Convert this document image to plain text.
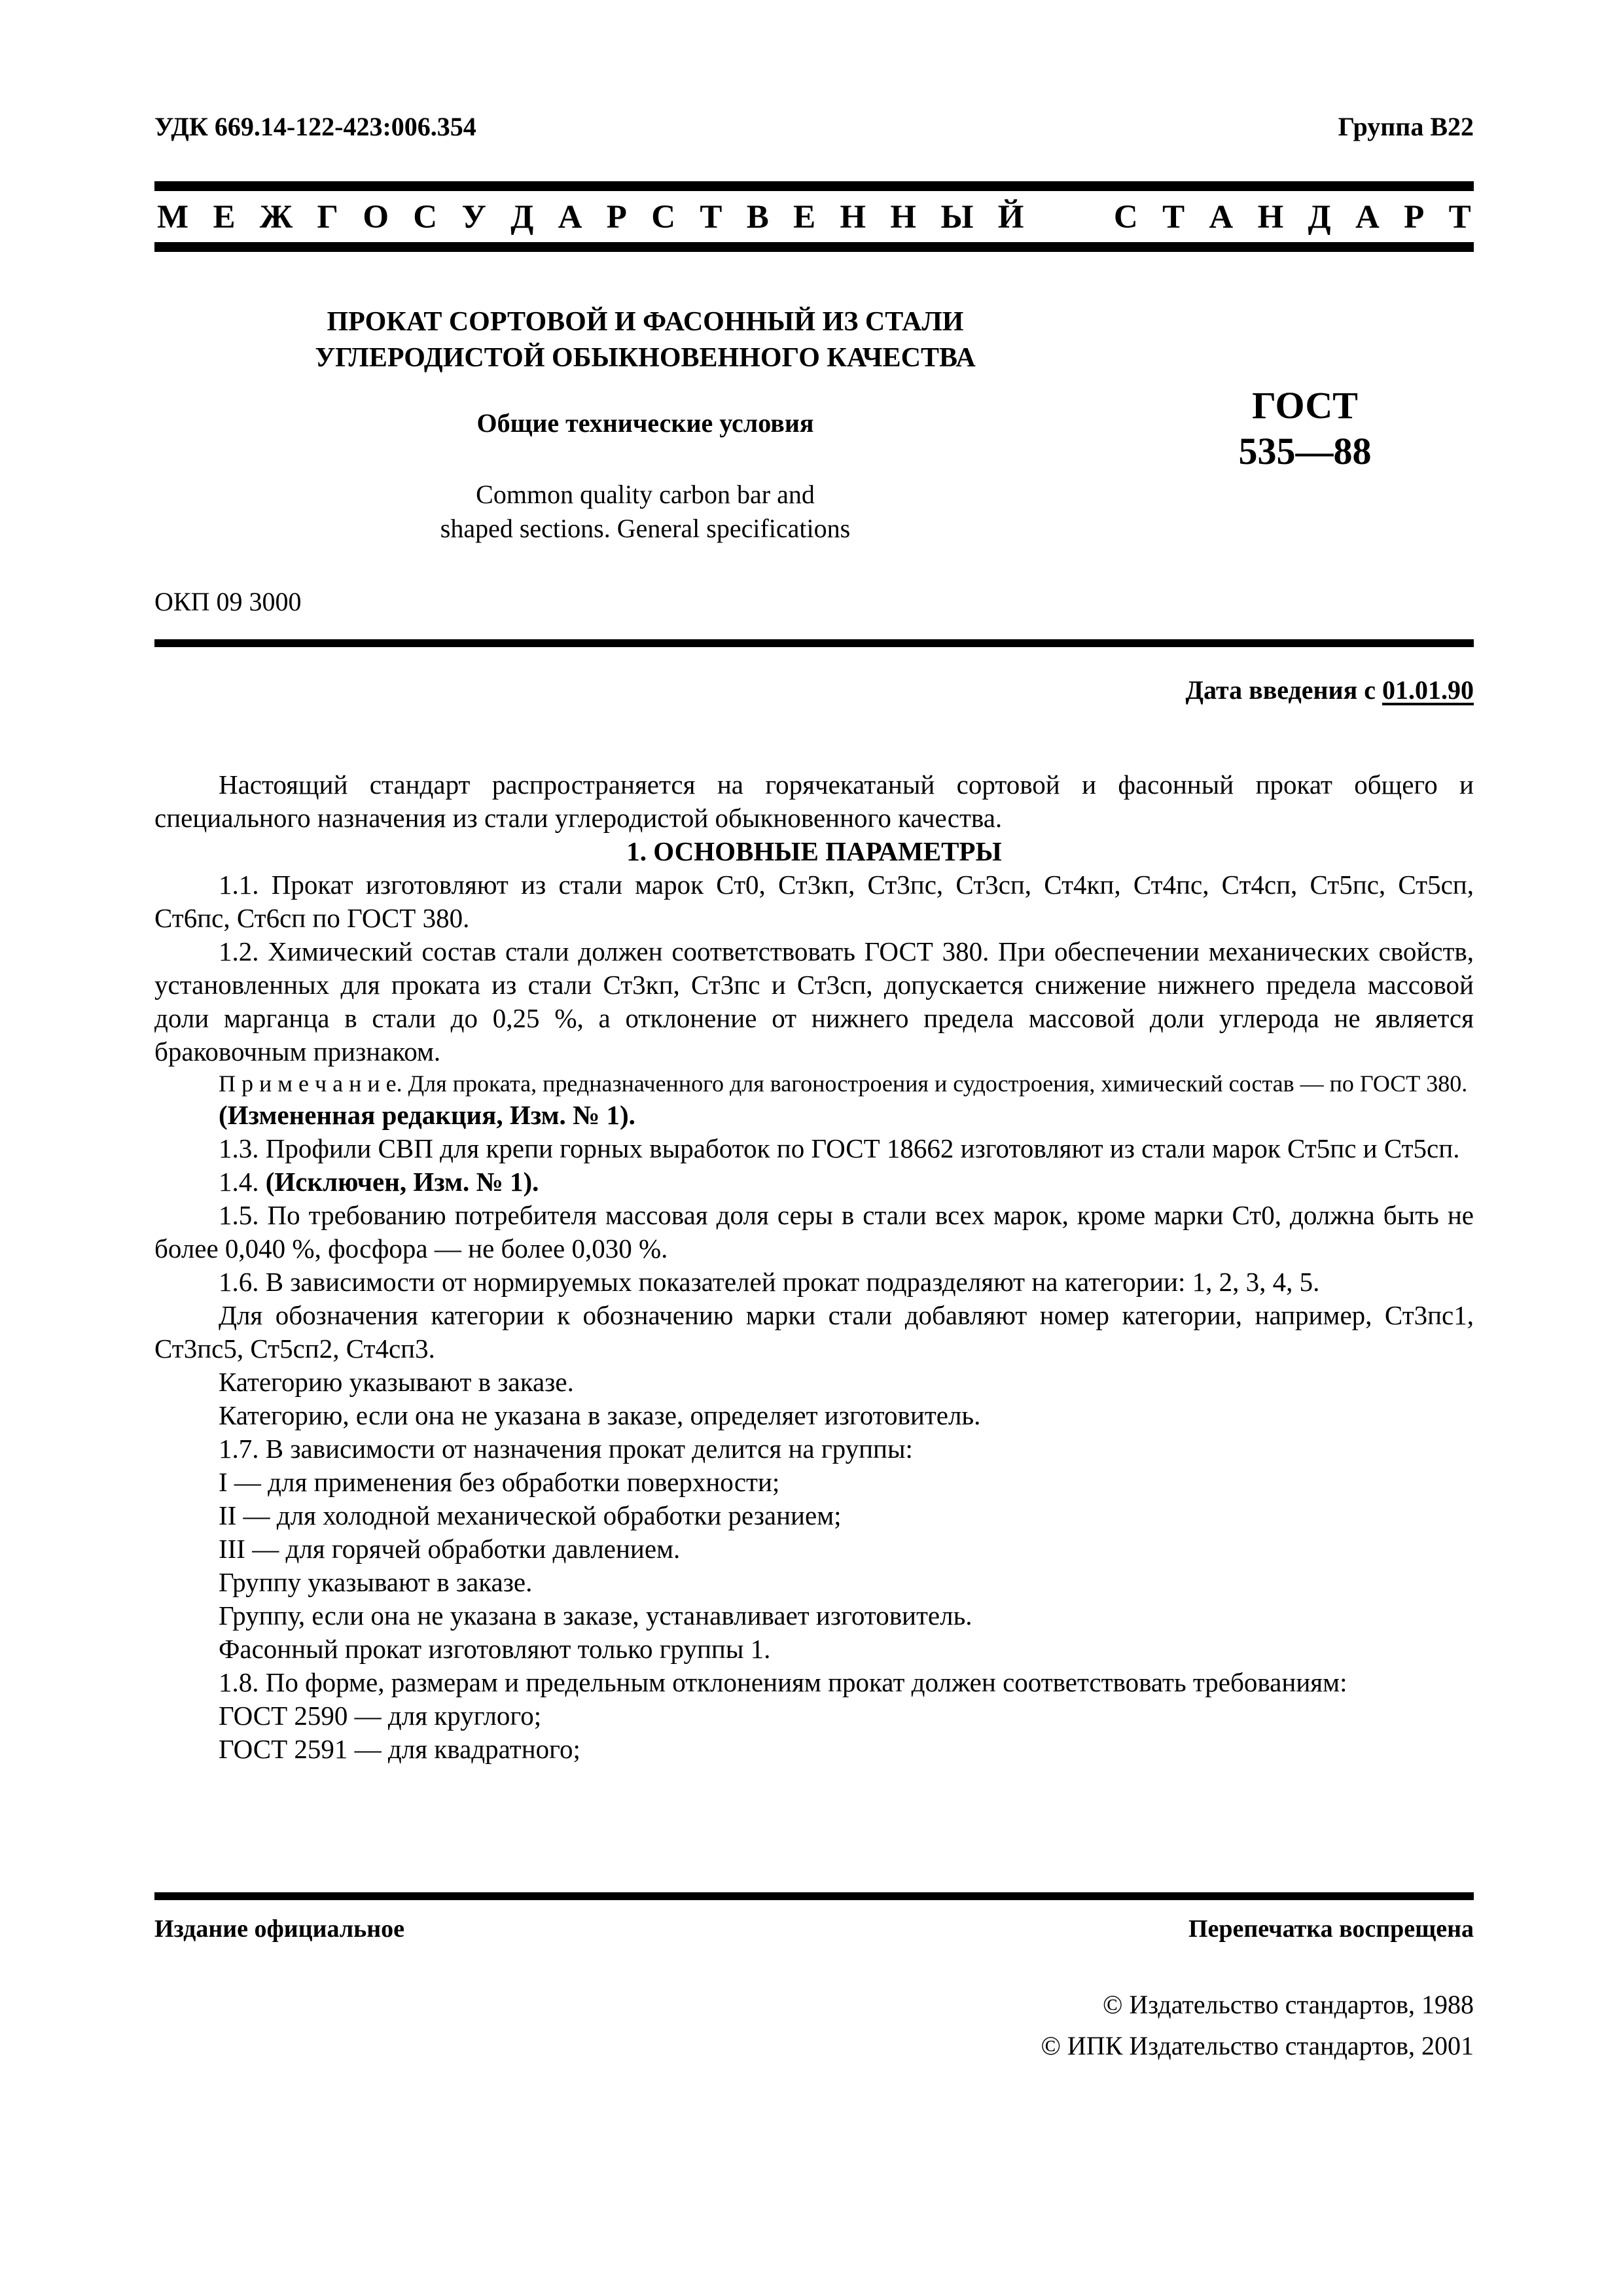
УДК 669.14-122-423:006.354	Группа В22
М Е Ж Г О С У Д А Р С Т В Е Н Н Ы Й

	С Т А Н Д А Р Т
ПРОКАТ СОРТОВОЙ И ФАСОННЫЙ ИЗ СТАЛИ
УГЛЕРОДИСТОЙ ОБЫКНОВЕННОГО КАЧЕСТВА
Общие технические условия
Common quality carbon bar and
shaped sections. General specifications
ГОСТ
535—88
ОКП 09 3000
Дата введения с 01.01.90

Настоящий стандарт распространяется на горячекатаный сортовой и фасонный прокат общего и специального назначения из стали углеродистой обыкновенного качества.

1. ОСНОВНЫЕ ПАРАМЕТРЫ

1.1. Прокат изготовляют из стали марок Ст0, Ст3кп, Ст3пс, Ст3сп, Ст4кп, Ст4пс, Ст4сп, Ст5пс, Ст5сп, Ст6пс, Ст6сп по ГОСТ 380.

1.2. Химический состав стали должен соответствовать ГОСТ 380. При обеспечении механических свойств, установленных для проката из стали Ст3кп, Ст3пс и Ст3сп, допускается снижение нижнего предела массовой доли марганца в стали до 0,25 %, а отклонение от нижнего предела массовой доли углерода не является браковочным признаком.

П р и м е ч а н и е. Для проката, предназначенного для вагоностроения и судостроения, химический состав — по ГОСТ 380.

(Измененная редакция, Изм. № 1).

1.3. Профили СВП для крепи горных выработок по ГОСТ 18662 изготовляют из стали марок Ст5пс и Ст5сп.

1.4. (Исключен, Изм. № 1).

1.5. По требованию потребителя массовая доля серы в стали всех марок, кроме марки Ст0, должна быть не более 0,040 %, фосфора — не более 0,030 %.

1.6. В зависимости от нормируемых показателей прокат подразделяют на категории: 1, 2, 3, 4, 5.

Для обозначения категории к обозначению марки стали добавляют номер категории, например, Ст3пс1, Ст3пс5, Ст5сп2, Ст4сп3.

Категорию указывают в заказе.

Категорию, если она не указана в заказе, определяет изготовитель.

1.7. В зависимости от назначения прокат делится на группы:

I — для применения без обработки поверхности;

II — для холодной механической обработки резанием;

III — для горячей обработки давлением.

Группу указывают в заказе.

Группу, если она не указана в заказе, устанавливает изготовитель.

Фасонный прокат изготовляют только группы 1.

1.8. По форме, размерам и предельным отклонениям прокат должен соответствовать требованиям:

ГОСТ 2590 — для круглого;

ГОСТ 2591 — для квадратного;

Издание официальное	Перепечатка воспрещена
© Издательство стандартов, 1988
© ИПК Издательство стандартов, 2001
